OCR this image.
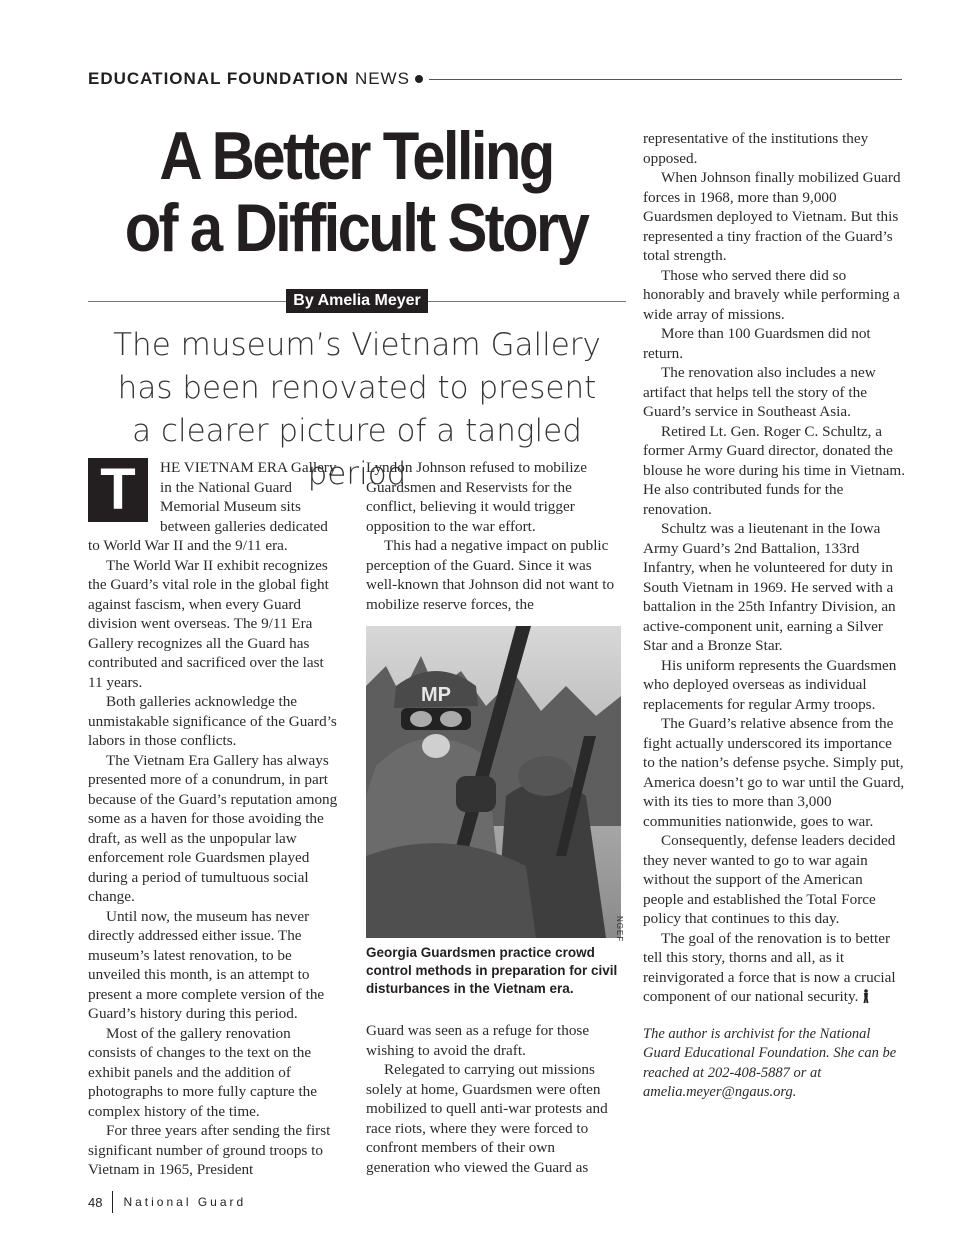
EDUCATIONAL FOUNDATION NEWS
A Better Telling
of a Difficult Story
By Amelia Meyer
The museum’s Vietnam Gallery
has been renovated to present
a clearer picture of a tangled period
T	HE VIETNAM ERA Gallery in the National Guard Memorial Museum sits between galleries dedicated to World War II and the 9/11 era.

The World War II exhibit recognizes the Guard’s vital role in the global fight against fascism, when every Guard division went overseas. The 9/11 Era Gallery recognizes all the Guard has contributed and sacrificed over the last 11 years.

Both galleries acknowledge the unmistakable significance of the Guard’s labors in those conflicts.

The Vietnam Era Gallery has always presented more of a conundrum, in part because of the Guard’s reputation among some as a haven for those avoiding the draft, as well as the unpopular law enforcement role Guardsmen played during a period of tumultuous social change.

Until now, the museum has never directly addressed either issue. The museum’s latest renovation, to be unveiled this month, is an attempt to present a more complete version of the Guard’s history during this period.

Most of the gallery renovation consists of changes to the text on the exhibit panels and the addition of photographs to more fully capture the complex history of the time.

For three years after sending the first significant number of ground troops to Vietnam in 1965, President

Lyndon Johnson refused to mobilize Guardsmen and Reservists for the conflict, believing it would trigger opposition to the war effort.

This had a negative impact on public perception of the Guard. Since it was well-known that Johnson did not want to mobilize reserve forces, the

MP
NGEF
Georgia Guardsmen practice crowd control methods in preparation for civil disturbances in the Vietnam era.

Guard was seen as a refuge for those wishing to avoid the draft.

Relegated to carrying out missions solely at home, Guardsmen were often mobilized to quell anti-war protests and race riots, where they were forced to confront members of their own generation who viewed the Guard as

representative of the institutions they opposed.

When Johnson finally mobilized Guard forces in 1968, more than 9,000 Guardsmen deployed to Vietnam. But this represented a tiny fraction of the Guard’s total strength.

Those who served there did so honorably and bravely while performing a wide array of missions.

More than 100 Guardsmen did not return.

The renovation also includes a new artifact that helps tell the story of the Guard’s service in Southeast Asia.

Retired Lt. Gen. Roger C. Schultz, a former Army Guard director, donated the blouse he wore during his time in Vietnam. He also contributed funds for the renovation.

Schultz was a lieutenant in the Iowa Army Guard’s 2nd Battalion, 133rd Infantry, when he volunteered for duty in South Vietnam in 1969. He served with a battalion in the 25th Infantry Division, an active-component unit, earning a Silver Star and a Bronze Star.

His uniform represents the Guardsmen who deployed overseas as individual replacements for regular Army troops.

The Guard’s relative absence from the fight actually underscored its importance to the nation’s defense psyche. Simply put, America doesn’t go to war until the Guard, with its ties to more than 3,000 communities nationwide, goes to war.

Consequently, defense leaders decided they never wanted to go to war again without the support of the American people and established the Total Force policy that continues to this day.

The goal of the renovation is to better tell this story, thorns and all, as it reinvigorated a force that is now a crucial component of our national security.

The author is archivist for the National Guard Educational Foundation. She can be reached at 202-408-5887 or at amelia.meyer@ngaus.org.

48 National Guard
